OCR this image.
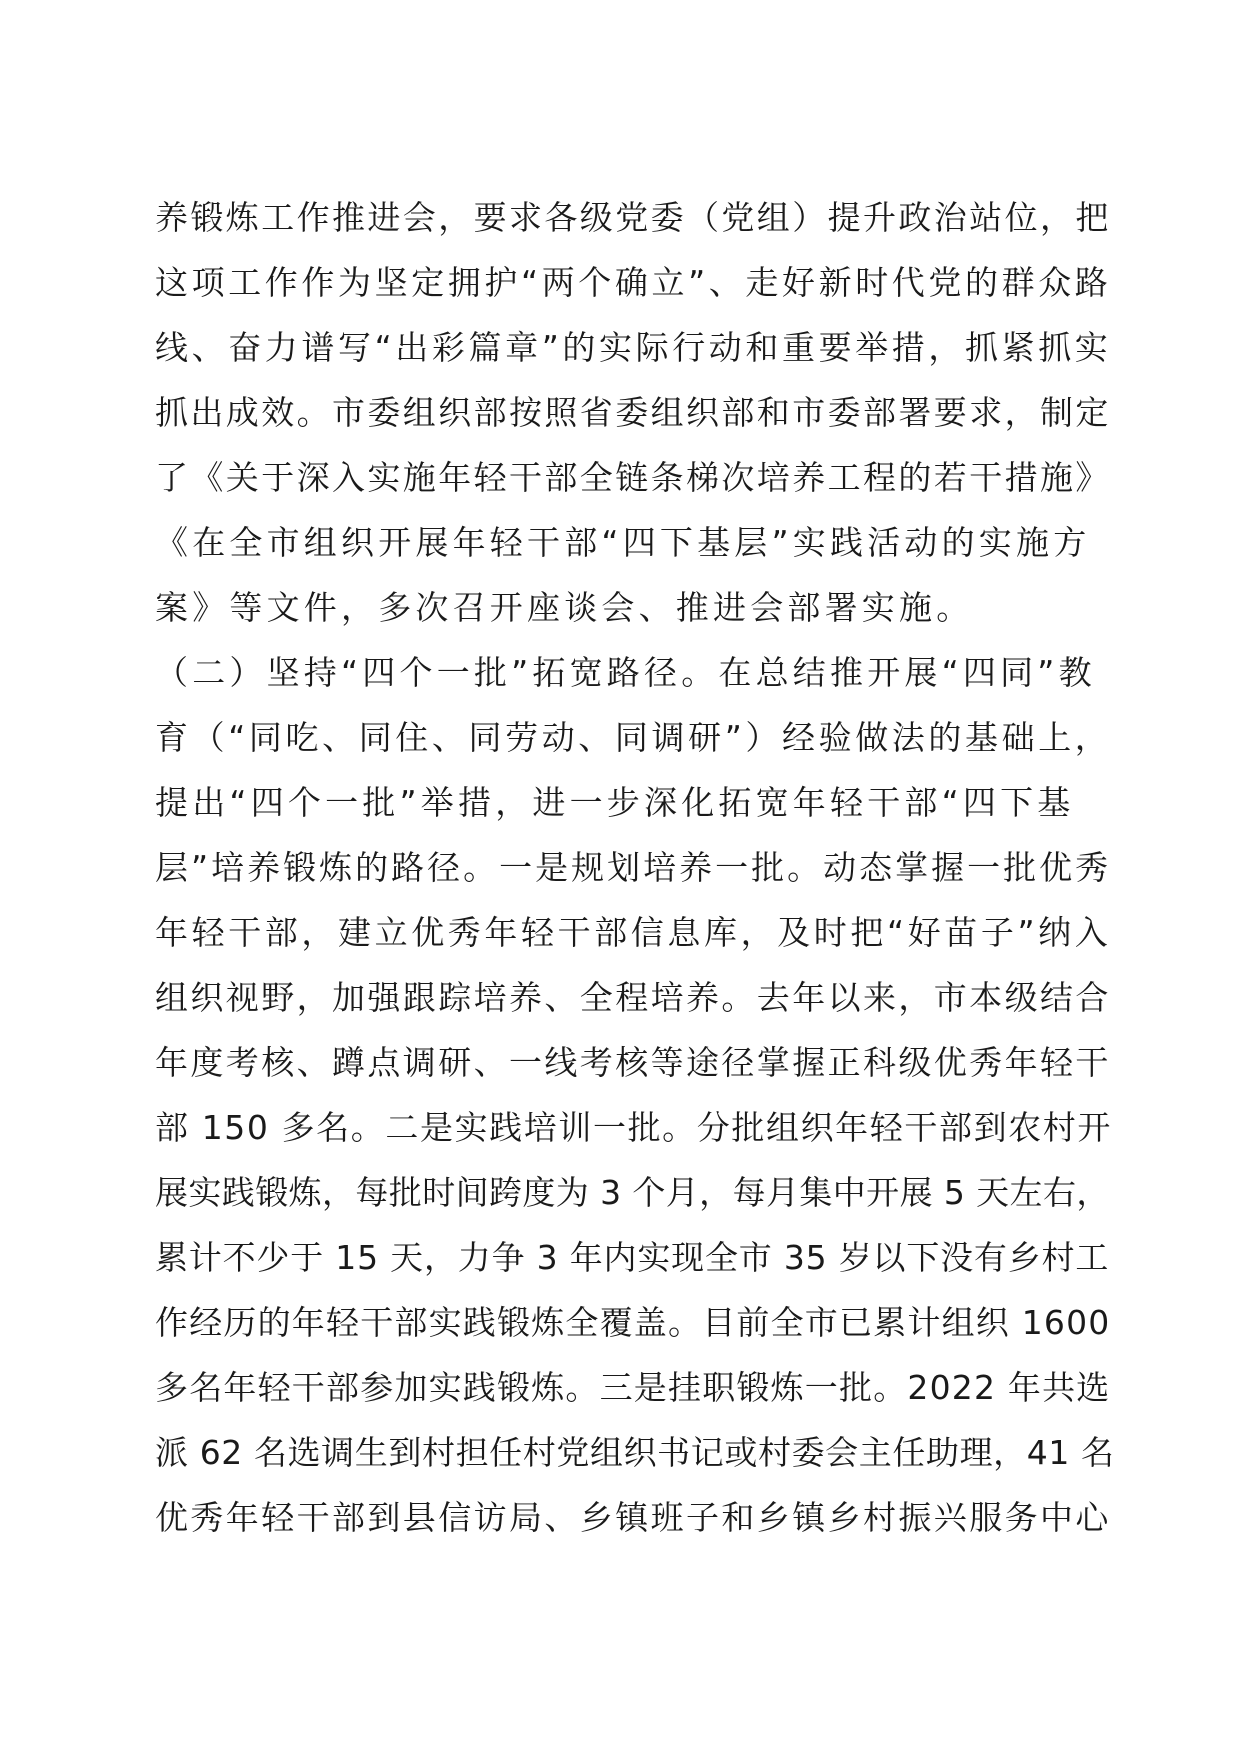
养锻炼工作推进会，要求各级党委（党组）提升政治站位，把
这项工作作为坚定拥护“两个确立”、走好新时代党的群众路
线、奋力谱写“出彩篇章”的实际行动和重要举措，抓紧抓实
抓出成效。市委组织部按照省委组织部和市委部署要求，制定
了《关于深入实施年轻干部全链条梯次培养工程的若干措施》
《在全市组织开展年轻干部“四下基层”实践活动的实施方
案》等文件，多次召开座谈会、推进会部署实施。
（二）坚持“四个一批”拓宽路径。在总结推开展“四同”教
育（“同吃、同住、同劳动、同调研”）经验做法的基础上，
提出“四个一批”举措，进一步深化拓宽年轻干部“四下基
层”培养锻炼的路径。一是规划培养一批。动态掌握一批优秀
年轻干部，建立优秀年轻干部信息库，及时把“好苗子”纳入
组织视野，加强跟踪培养、全程培养。去年以来，市本级结合
年度考核、蹲点调研、一线考核等途径掌握正科级优秀年轻干
部 150 多名。二是实践培训一批。分批组织年轻干部到农村开
展实践锻炼，每批时间跨度为 3 个月，每月集中开展 5 天左右，
累计不少于 15 天，力争 3 年内实现全市 35 岁以下没有乡村工
作经历的年轻干部实践锻炼全覆盖。目前全市已累计组织 1600
多名年轻干部参加实践锻炼。三是挂职锻炼一批。2022 年共选
派 62 名选调生到村担任村党组织书记或村委会主任助理，41 名
优秀年轻干部到县信访局、乡镇班子和乡镇乡村振兴服务中心
